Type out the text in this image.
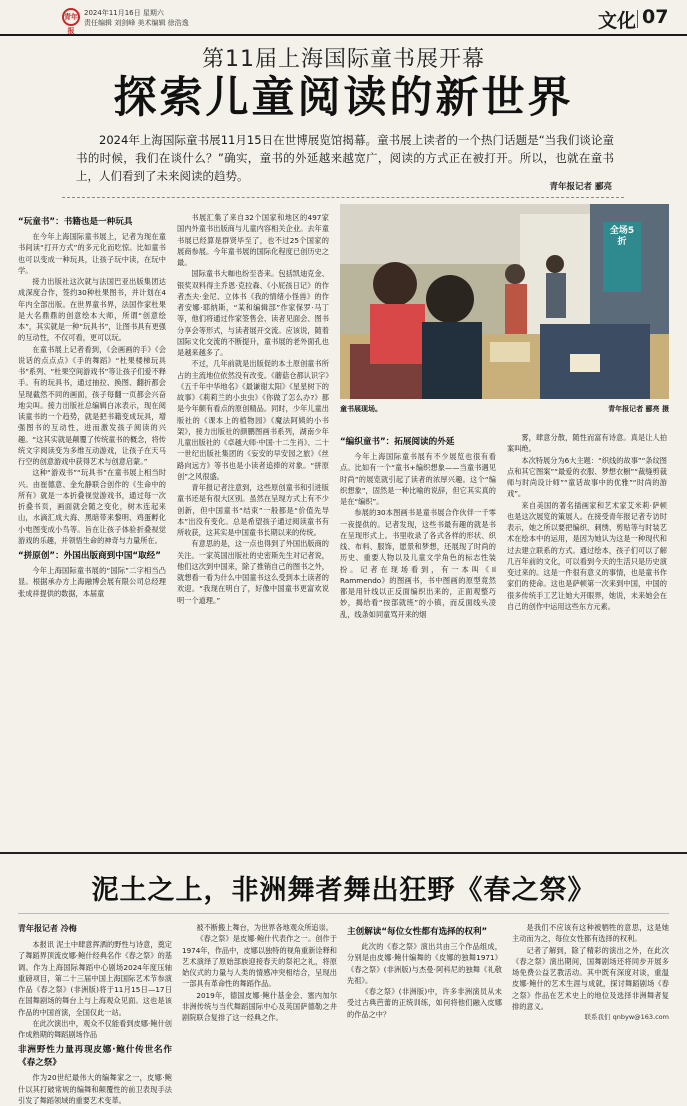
青年报
2024年11月16日 星期六
责任编辑 刘剑峰 美术编辑 徐浩逸	文化 07
第11届上海国际童书展开幕
探索儿童阅读的新世界
2024年上海国际童书展11月15日在世博展览馆揭幕。童书展上读者的一个热门话题是“当我们谈论童书的时候，我们在谈什么？”确实，童书的外延越来越宽广，阅读的方式正在被打开。所以，也就在童书上，人们看到了未来阅读的趋势。
青年报记者 郦亮
“玩童书”：书籍也是一种玩具

在今年上海国际童书展上，记者为现在童书间读“打开方式”的多元化而吃惊。比如童书也可以变成一种玩具，让孩子玩中读，在玩中学。

接力出版社这次就与法国巴亚出版集团达成深度合作，签约30种杜果图书，并计划在4年内全部出版。在世界童书界，法国作家杜果是大名鼎鼎的创意绘本大师，所谓“创意绘本”，其实就是一种“玩具书”，让图书具有更强的互动性，不仅可看，更可以玩。

在童书展上记者看到，《会画画的手》《会说话的点点点》《手的舞蹈》“杜果楼梯玩具书”系列、“杜果空间游戏书”等让孩子们爱不释手。有的玩具书，通过抽拉、换图、翻折都会呈现截然不同的画面，孩子每翻一页都会兴奋地尖叫。接力出版社总编辑白冰表示，现在阅读童书的一个趋势，就是把书籍变成玩具，增强图书的互动性，进而激发孩子阅读的兴趣。“这其实就是颠覆了传统童书的概念，将传统文字阅读变为多维互动游戏，让孩子在天马行空的创意游戏中获得艺术与创意启蒙。”

这种“游戏书”“玩具书”在童书展上相当时兴。由崔德意、金允静联合创作的《生命中的所有》就是一本折叠视觉游戏书，通过每一次折叠书页，画面就会随之变化，树木连起来山，水滴汇成大海、黑暗带来黎明、鸡蛋孵化小电图变成小鸟等。旨在让孩子体验折叠视觉游戏的乐趣，并领悟生命的神奇与力量所在。

“拼原创”：外国出版商到中国“取经”

今年上海国际童书展的“国际”二字相当凸显。根据承办方上海融博会展有限公司总经理张成祥提供的数据，本届童

书展汇集了来自32个国家和地区的497家国内外童书出版商与儿童内容相关企业。去年童书展已经算是群贤毕至了，也不过25个国家的展商参展。今年童书展的国际化程度已创历史之最。

国际童书大咖也纷至沓来。包括凯迪克金、银奖双料得主乔恩·克拉森、《小屁孩日记》的作者杰夫·金尼、立体书《我的情绪小怪兽》的作者安娜·耶纳斯，“某和编辑部”作家保罗·马丁等，他们将通过作家签售会、读者见面会、图书分享会等形式，与读者展开交流。应该说，随着国际文化交流的不断提升，童书展的老外面孔也是越来越多了。

不过，几年前就是出版促的本土原创童书所占的主流地位依然没有改变。《蘑菇仓都认识字》《五千年中华地名》《最谦谢太阳》《星星树下的故事》《莉莉兰的小虫虫》《你做了怎么办?》都是今年颇有看点的原创精品。同时，少年儿童出版社的《课本上的植物园》《魔法阿姨的小书架》，接力出版社的颜鹏图画书系列，湖南少年儿童出版社的《卓越大师·中国·十二生肖》、二十一世纪出版社集团的《妄安的早安园之旅》《丝路向远方》等书也是小读者追捧的对象。“拼原创”之风很盛。

青年报记者注意到，这些原创童书和引进版童书还是有很大区别。虽然在呈现方式上有不少创新，但中国童书“结束”一般都是“价值先导本”出没有变化。总是希望孩子通过阅读童书有所收获，这其实是中国童书长期以来的传统。

有意思的是，这一点也得到了外国出版商的关注。一家英国出版社的史密斯先生对记者说，他们这次到中国来，除了推销自己的图书之外，就想看一看为什么中国童书这么受到本土读者的欢迎。“我现在明白了，好像中国童书更富欢说明一个道理。”

全场5折
童书展现场。	青年报记者 郦亮 摄
“编织童书”：拓展阅读的外延

今年上海国际童书展有不少展览也很有看点。比如有一个“童书+编织想象——当童书遇见时尚”的展览就引起了读者的浓厚兴趣。这个“编织想象”，固然是一种比喻的说辞，但它其实真的是在“编织”。

参展的30本图画书是童书展合作伙伴一千零一夜提供的。记者发现，这些书最有趣的就是书在呈现形式上。书里收录了各式各样的形状、织线、布料、服饰，愿景和梦想，还展现了时尚的历史、重要人物以及儿童文学角色的标志性装扮。记者在现场看到，有一本叫《Il Rammendo》的图画书，书中图画的原型竟然都是用针线以正反面编织出来的，正面观整巧妙，揭给看“按部就班”的小镇，而反面线头凌乱，线条如同童骂开来的烟

雾，肆意分散，随性而富有诗意。真是让人拍案叫绝。

本次特展分为6大主题：“织线的故事”“条纹图点和其它图案”“最爱的衣服、梦想衣橱”“裁缝剪裁师与时尚设计师”“童话故事中的优雅”“时尚的游戏”。

来自美国的著名插画家和艺术家艾米莉·萨顿也是这次展览的策展人。在接受青年报记者专访时表示，她之所以要把编织、刺绣、剪贴等与时装艺术在绘本中的运用，是因为她认为这是一种现代和过去建立联系的方式。通过绘本，孩子们可以了解几百年前的文化，可以看到今天的生活只是历史演变过来的。这是一件很有意义的事情，也是童书作家们的使命。这也是萨顿第一次来到中国，中国的很多传统手工艺让她大开眼界，她说，未来她会在自己的创作中运用这些东方元素。

泥土之上，非洲舞者舞出狂野《春之祭》

青年报记者 冷梅

本报讯 泥土中肆意挥洒的野性与诗意，奠定了舞蹈界顶流皮娜·鲍什经典名作《春之祭》的基调。作为上海国际舞蹈中心剧场2024年度压轴重磅项目，第二十三届中国上海国际艺术节参演作品《春之祭》(非洲版)将于11月15日—17日在国舞剧场的舞台上与上海观众见面。这也是该作品的中国首演，全国仅此一站。

在此次演出中，观众不仅能看到皮娜·鲍什创作成熟期的舞蹈剧场作品

非洲野性力量再现皮娜·鲍什传世名作《春之祭》

作为20世纪最伟大的编舞家之一，皮娜·鲍什以其打破常规的编舞和颠覆性的前卫表现手法引发了舞蹈领域的重要艺术变革。

被不断搬上舞台，为世界各地观众所追崇。

《春之祭》是皮娜·鲍什代表作之一。创作于1974年，作品中，皮娜以独特的视角重新诠释和艺术演绎了原始部族迎接春天的祭祀之礼，将原始仪式的力量与人类的情感冲突相结合，呈现出一部具有革命性的舞蹈作品。

2019年，德国皮娜·鲍什基金会、塞内加尔非洲传统与当代舞蹈国际中心及英国萨德勒之井剧院联合复排了这一经典之作。

主创解读“每位女性都有选择的权利”

此次的《春之祭》演出共由三个作品组成，分别是由皮娜·鲍什编舞的《皮娜的独舞1971》《春之祭》(非洲版)与杰曼·阿科尼的独舞《礼敬先祖》。

《春之祭》(非洲版)中，许多非洲演员从未受过古典芭蕾的正统训练，如何将他们融入皮娜的作品之中？

是我们不应该有这种被牺牲的意思，这是她主动而为之，每位女性都有选择的权利。

记者了解到，除了精彩的演出之外，在此次《春之祭》演出期间，国舞剧场还将同步开展多场免费公益艺教活动。其中既有深度对谈，重温皮娜·鲍什的艺术生涯与成就，探讨舞蹈剧场《春之祭》作品在艺术史上的地位及选择非洲舞者复排的意义。

联系我们 qnbyw@163.com
